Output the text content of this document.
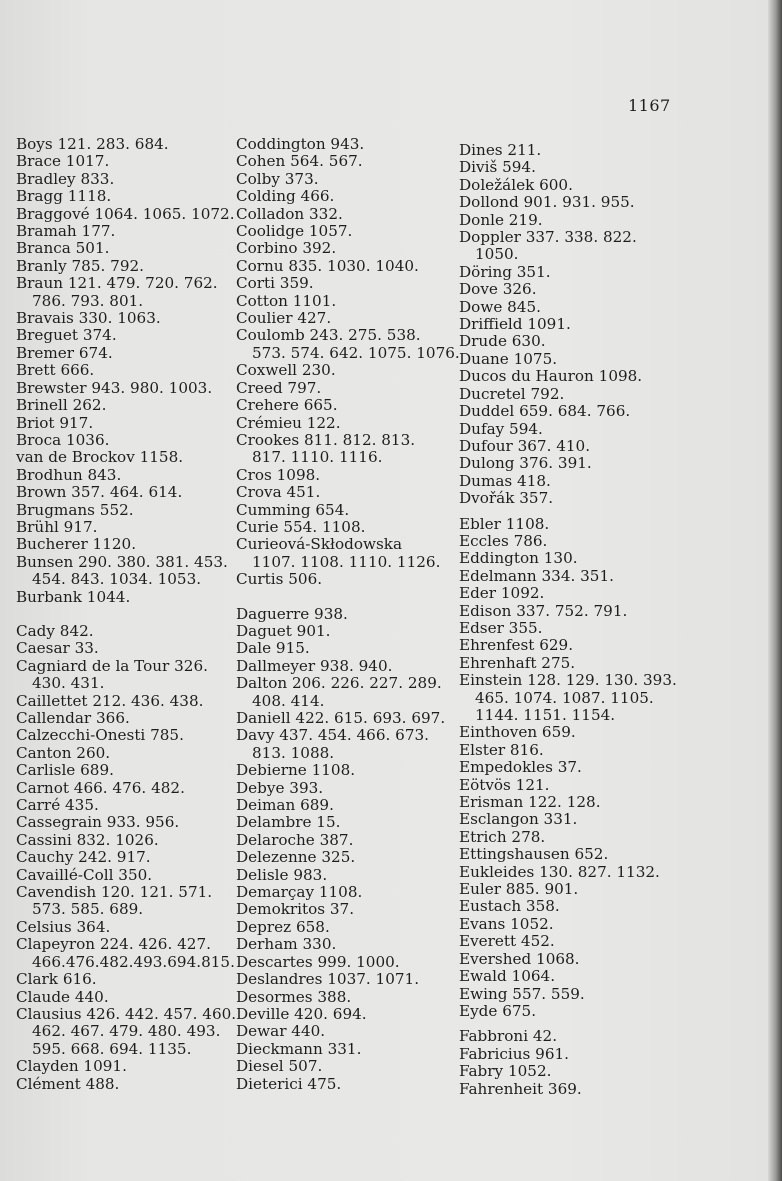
1167
Boys 121. 283. 684.
Brace 1017.
Bradley 833.
Bragg 1118.
Braggové 1064. 1065. 1072.
Bramah 177.
Branca 501.
Branly 785. 792.
Braun 121. 479. 720. 762.
786. 793. 801.
Bravais 330. 1063.
Breguet 374.
Bremer 674.
Brett 666.
Brewster 943. 980. 1003.
Brinell 262.
Briot 917.
Broca 1036.
van de Brockov 1158.
Brodhun 843.
Brown 357. 464. 614.
Brugmans 552.
Brühl 917.
Bucherer 1120.
Bunsen 290. 380. 381. 453.
454. 843. 1034. 1053.
Burbank 1044.
Cady 842.
Caesar 33.
Cagniard de la Tour 326.
430. 431.
Caillettet 212. 436. 438.
Callendar 366.
Calzecchi-Onesti 785.
Canton 260.
Carlisle 689.
Carnot 466. 476. 482.
Carré 435.
Cassegrain 933. 956.
Cassini 832. 1026.
Cauchy 242. 917.
Cavaillé-Coll 350.
Cavendish 120. 121. 571.
573. 585. 689.
Celsius 364.
Clapeyron 224. 426. 427.
466.476.482.493.694.815.
Clark 616.
Claude 440.
Clausius 426. 442. 457. 460.
462. 467. 479. 480. 493.
595. 668. 694. 1135.
Clayden 1091.
Clément 488.
Coddington 943.
Cohen 564. 567.
Colby 373.
Colding 466.
Colladon 332.
Coolidge 1057.
Corbino 392.
Cornu 835. 1030. 1040.
Corti 359.
Cotton 1101.
Coulier 427.
Coulomb 243. 275. 538.
573. 574. 642. 1075. 1076.
Coxwell 230.
Creed 797.
Crehere 665.
Crémieu 122.
Crookes 811. 812. 813.
817. 1110. 1116.
Cros 1098.
Crova 451.
Cumming 654.
Curie 554. 1108.
Curieová-Skłodowska
1107. 1108. 1110. 1126.
Curtis 506.
Daguerre 938.
Daguet 901.
Dale 915.
Dallmeyer 938. 940.
Dalton 206. 226. 227. 289.
408. 414.
Daniell 422. 615. 693. 697.
Davy 437. 454. 466. 673.
813. 1088.
Debierne 1108.
Debye 393.
Deiman 689.
Delambre 15.
Delaroche 387.
Delezenne 325.
Delisle 983.
Demarçay 1108.
Demokritos 37.
Deprez 658.
Derham 330.
Descartes 999. 1000.
Deslandres 1037. 1071.
Desormes 388.
Deville 420. 694.
Dewar 440.
Dieckmann 331.
Diesel 507.
Dieterici 475.
Dines 211.
Diviš 594.
Doležálek 600.
Dollond 901. 931. 955.
Donle 219.
Doppler 337. 338. 822.
1050.
Döring 351.
Dove 326.
Dowe 845.
Driffield 1091.
Drude 630.
Duane 1075.
Ducos du Hauron 1098.
Ducretel 792.
Duddel 659. 684. 766.
Dufay 594.
Dufour 367. 410.
Dulong 376. 391.
Dumas 418.
Dvořák 357.
Ebler 1108.
Eccles 786.
Eddington 130.
Edelmann 334. 351.
Eder 1092.
Edison 337. 752. 791.
Edser 355.
Ehrenfest 629.
Ehrenhaft 275.
Einstein 128. 129. 130. 393.
465. 1074. 1087. 1105.
1144. 1151. 1154.
Einthoven 659.
Elster 816.
Empedokles 37.
Eötvös 121.
Erisman 122. 128.
Esclangon 331.
Etrich 278.
Ettingshausen 652.
Eukleides 130. 827. 1132.
Euler 885. 901.
Eustach 358.
Evans 1052.
Everett 452.
Evershed 1068.
Ewald 1064.
Ewing 557. 559.
Eyde 675.
Fabbroni 42.
Fabricius 961.
Fabry 1052.
Fahrenheit 369.
